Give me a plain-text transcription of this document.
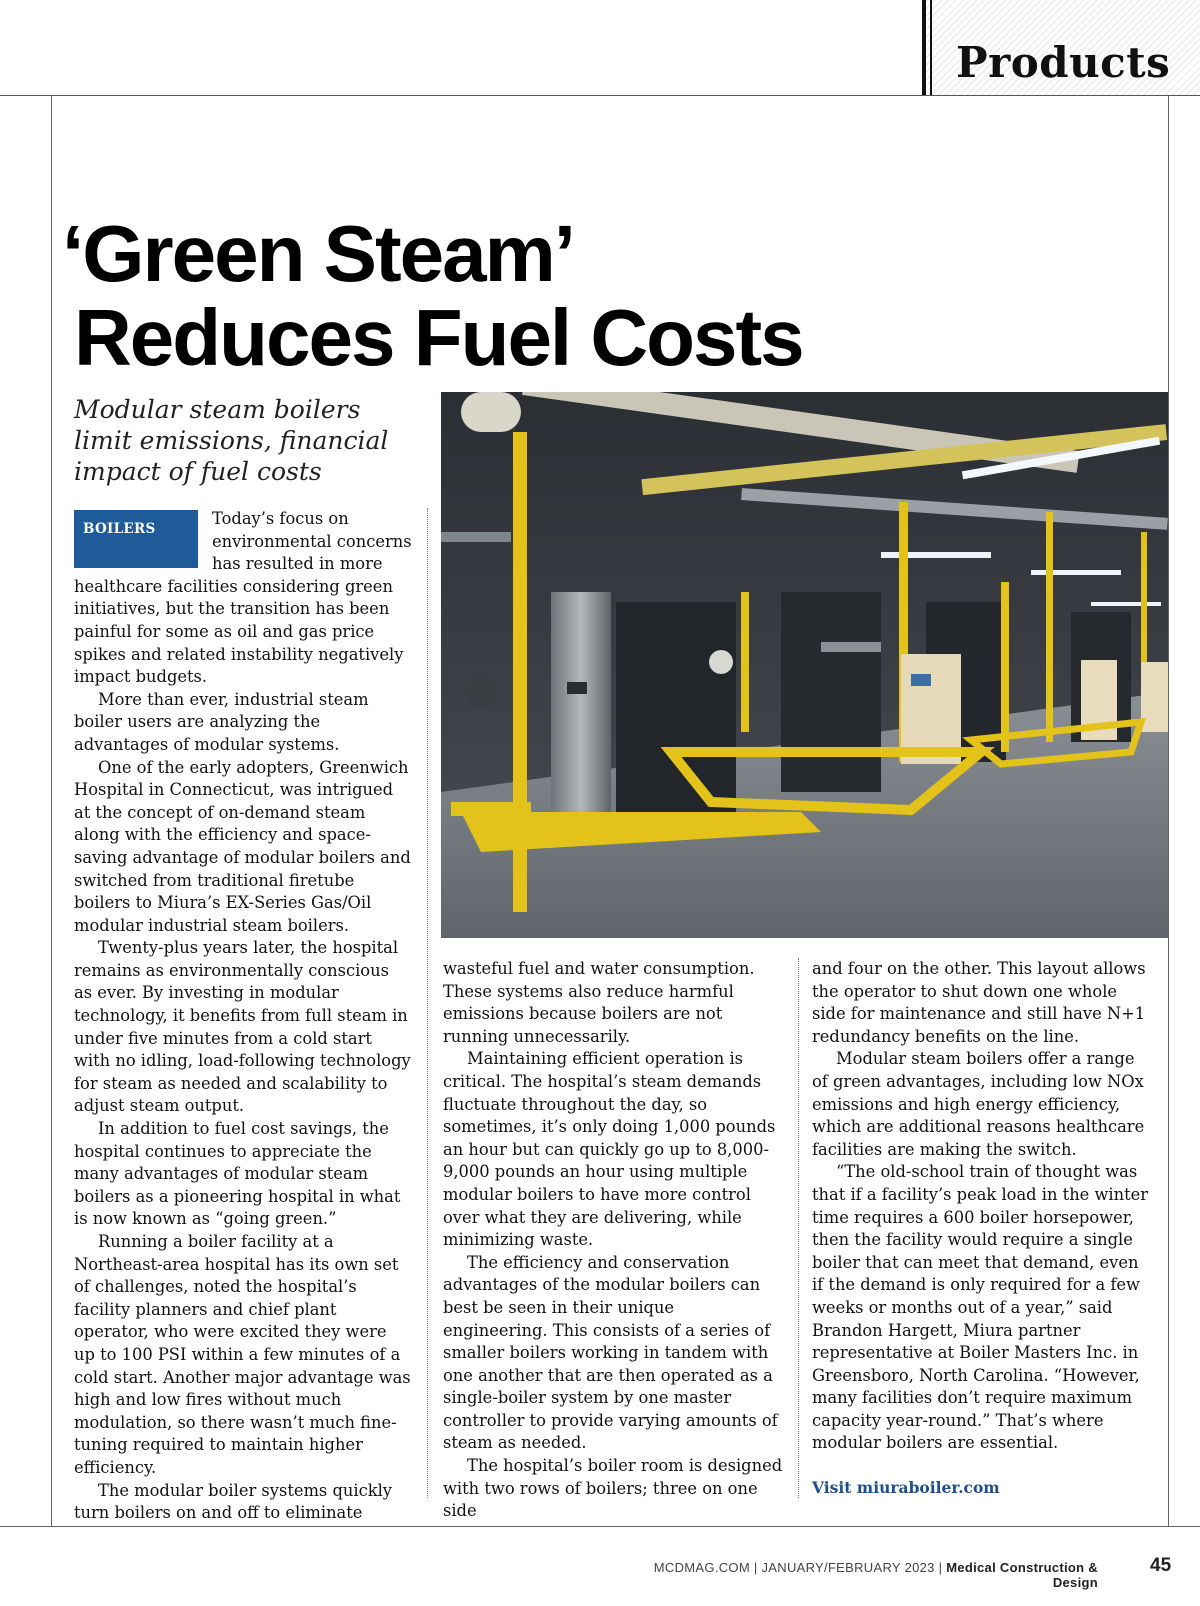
Products
‘Green Steam’

Reduces Fuel Costs
Modular steam boilers limit emissions, financial impact of fuel costs
BOILERS

Today’s focus on environmental concerns has resulted in more healthcare facilities considering green initiatives, but the transition has been painful for some as oil and gas price spikes and related instability negatively impact budgets.

More than ever, industrial steam boiler users are analyzing the advantages of modular systems.

One of the early adopters, Greenwich Hospital in Connecticut, was intrigued at the concept of on-demand steam along with the efficiency and space-saving advantage of modular boilers and switched from traditional firetube boilers to Miura’s EX-Series Gas/Oil modular industrial steam boilers.

Twenty-plus years later, the hospital remains as environmentally conscious as ever. By investing in modular technology, it benefits from full steam in under five minutes from a cold start with no idling, load-following technology for steam as needed and scalability to adjust steam output.

In addition to fuel cost savings, the hospital continues to appreciate the many advantages of modular steam boilers as a pioneering hospital in what is now known as “going green.”

Running a boiler facility at a Northeast-area hospital has its own set of challenges, noted the hospital’s facility planners and chief plant operator, who were excited they were up to 100 PSI within a few minutes of a cold start. Another major advantage was high and low fires without much modulation, so there wasn’t much fine-tuning required to maintain higher efficiency.

The modular boiler systems quickly turn boilers on and off to eliminate

wasteful fuel and water consumption. These systems also reduce harmful emissions because boilers are not running unnecessarily.

Maintaining efficient operation is critical. The hospital’s steam demands fluctuate throughout the day, so sometimes, it’s only doing 1,000 pounds an hour but can quickly go up to 8,000-9,000 pounds an hour using multiple modular boilers to have more control over what they are delivering, while minimizing waste.

The efficiency and conservation advantages of the modular boilers can best be seen in their unique engineering. This consists of a series of smaller boilers working in tandem with one another that are then operated as a single-boiler system by one master controller to provide varying amounts of steam as needed.

The hospital’s boiler room is designed with two rows of boilers; three on one side

and four on the other. This layout allows the operator to shut down one whole side for maintenance and still have N+1 redundancy benefits on the line.

Modular steam boilers offer a range of green advantages, including low NOx emissions and high energy efficiency, which are additional reasons healthcare facilities are making the switch.

“The old-school train of thought was that if a facility’s peak load in the winter time requires a 600 boiler horsepower, then the facility would require a single boiler that can meet that demand, even if the demand is only required for a few weeks or months out of a year,” said Brandon Hargett, Miura partner representative at Boiler Masters Inc. in Greensboro, North Carolina. “However, many facilities don’t require maximum capacity year-round.” That’s where modular boilers are essential.

Visit miuraboiler.com
MCDMAG.COM | JANUARY/FEBRUARY 2023 | Medical Construction & Design
45
